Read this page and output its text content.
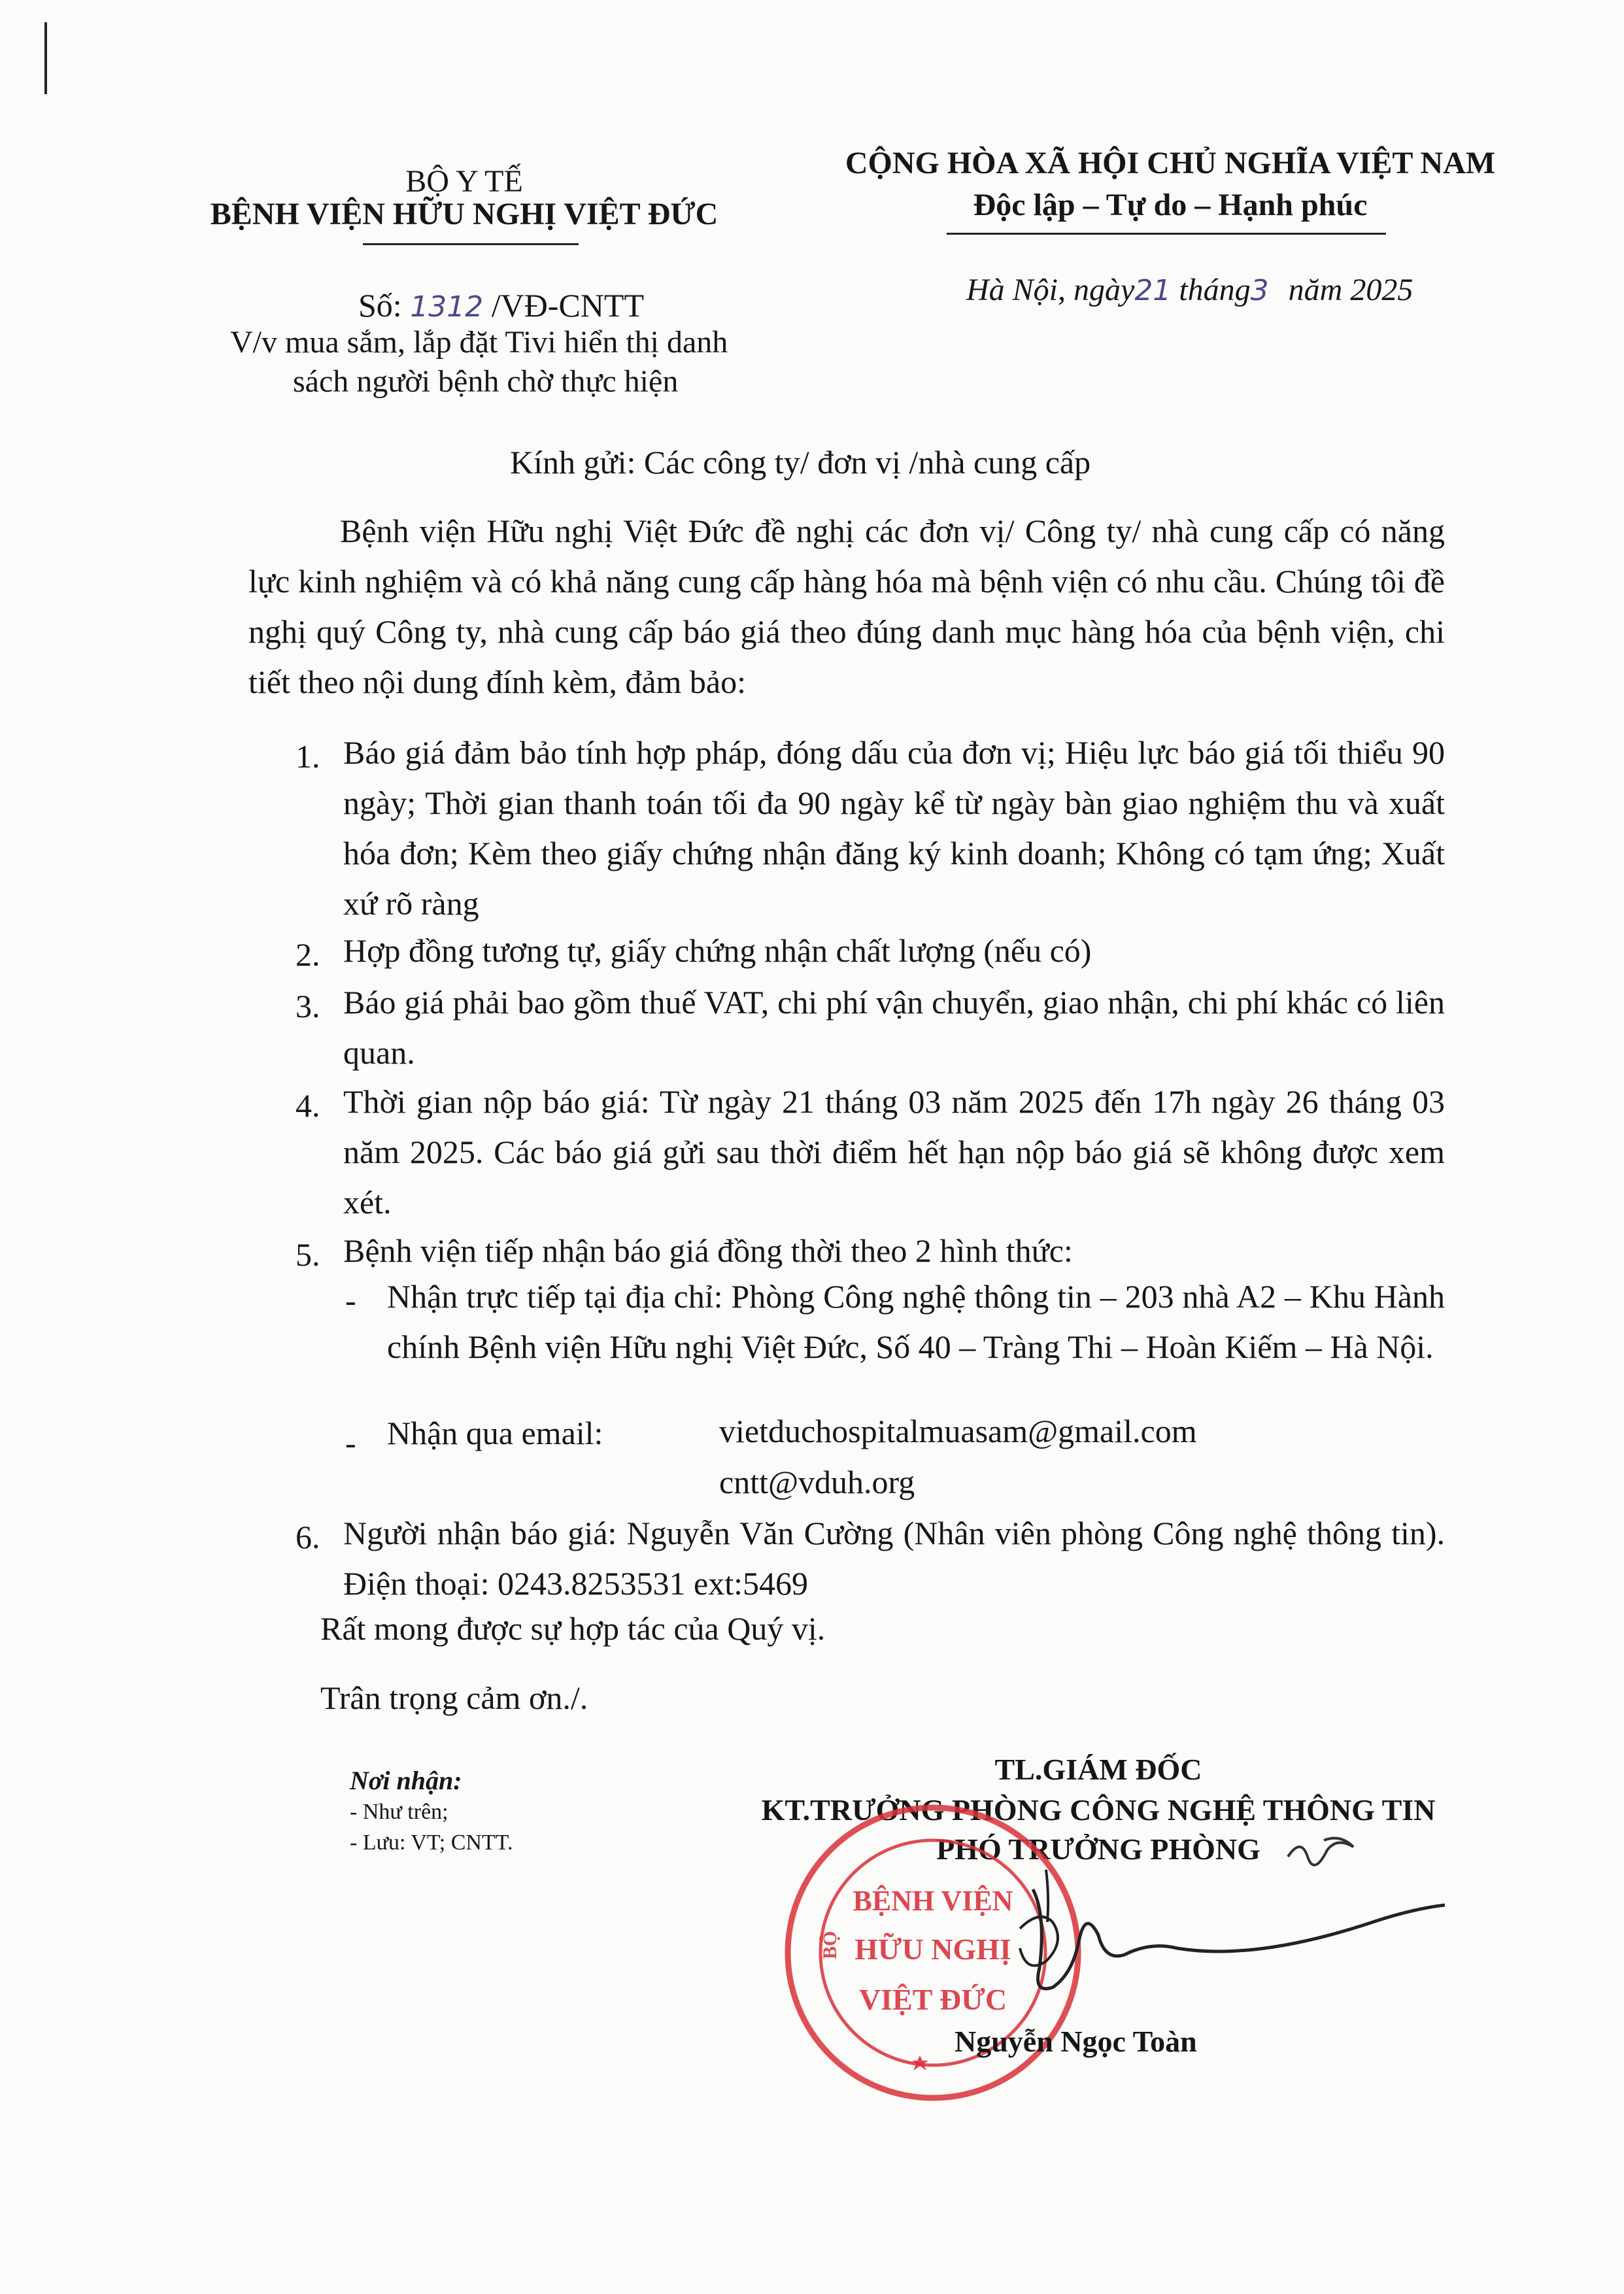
BỘ Y TẾ
BỆNH VIỆN HỮU NGHỊ VIỆT ĐỨC
CỘNG HÒA XÃ HỘI CHỦ NGHĨA VIỆT NAM
Độc lập – Tự do – Hạnh phúc
Số: 1312 /VĐ-CNTT
V/v mua sắm, lắp đặt Tivi hiển thị danh
sách người bệnh chờ thực hiện
Hà Nội, ngày21 tháng3 năm 2025
Kính gửi: Các công ty/ đơn vị /nhà cung cấp
Bệnh viện Hữu nghị Việt Đức đề nghị các đơn vị/ Công ty/ nhà cung cấp có năng lực kinh nghiệm và có khả năng cung cấp hàng hóa mà bệnh viện có nhu cầu. Chúng tôi đề nghị quý Công ty, nhà cung cấp báo giá theo đúng danh mục hàng hóa của bệnh viện, chi tiết theo nội dung đính kèm, đảm bảo:
1. Báo giá đảm bảo tính hợp pháp, đóng dấu của đơn vị; Hiệu lực báo giá tối thiểu 90 ngày; Thời gian thanh toán tối đa 90 ngày kể từ ngày bàn giao nghiệm thu và xuất hóa đơn; Kèm theo giấy chứng nhận đăng ký kinh doanh; Không có tạm ứng; Xuất xứ rõ ràng
2. Hợp đồng tương tự, giấy chứng nhận chất lượng (nếu có)
3. Báo giá phải bao gồm thuế VAT, chi phí vận chuyển, giao nhận, chi phí khác có liên quan.
4. Thời gian nộp báo giá: Từ ngày 21 tháng 03 năm 2025 đến 17h ngày 26 tháng 03 năm 2025. Các báo giá gửi sau thời điểm hết hạn nộp báo giá sẽ không được xem xét.
5. Bệnh viện tiếp nhận báo giá đồng thời theo 2 hình thức:
- Nhận trực tiếp tại địa chỉ: Phòng Công nghệ thông tin – 203 nhà A2 – Khu Hành chính Bệnh viện Hữu nghị Việt Đức, Số 40 – Tràng Thi – Hoàn Kiếm – Hà Nội.
- Nhận qua email:	vietduchospitalmuasam@gmail.com
cntt@vduh.org
6. Người nhận báo giá: Nguyễn Văn Cường (Nhân viên phòng Công nghệ thông tin). Điện thoại: 0243.8253531 ext:5469
Rất mong được sự hợp tác của Quý vị.
Trân trọng cảm ơn./.
Nơi nhận:
- Như trên;
- Lưu: VT; CNTT.
TL.GIÁM ĐỐC
KT.TRƯỞNG PHÒNG CÔNG NGHỆ THÔNG TIN
PHÓ TRƯỞNG PHÒNG
BỘ
BỆNH VIỆN
HỮU NGHỊ
VIỆT ĐỨC
Nguyễn Ngọc Toàn
